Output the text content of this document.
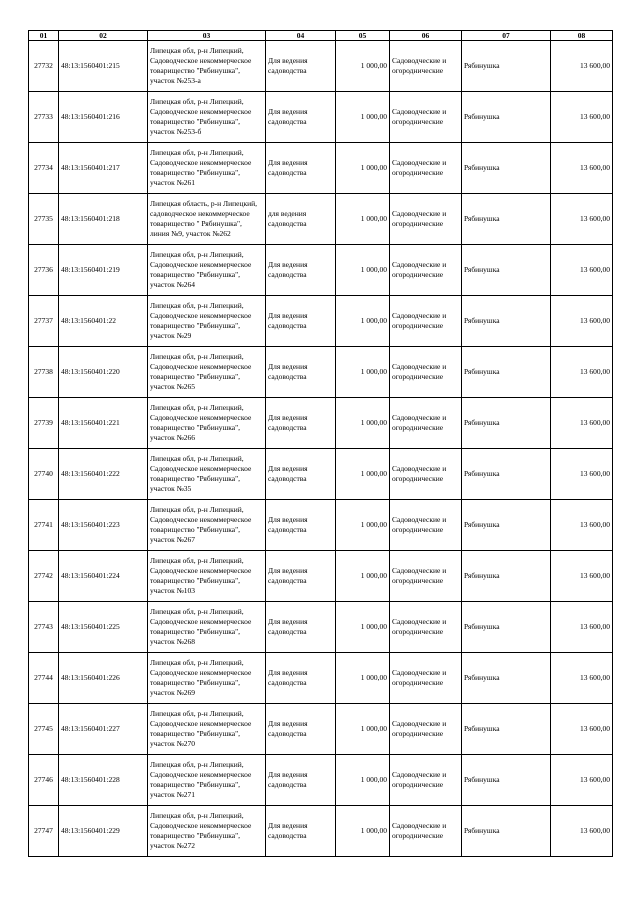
01	02	03	04	05	06	07	08
27732	48:13:1560401:215	Липецкая обл, р-н Липецкий, Садоводческое некоммерческое товарищество "Рябинушка", участок №253-а	Для ведения садоводства	1 000,00	Садоводческие и огороднические	Рябинушка	13 600,00
27733	48:13:1560401:216	Липецкая обл, р-н Липецкий, Садоводческое некоммерческое товарищество "Рябинушка", участок №253-б	Для ведения садоводства	1 000,00	Садоводческие и огороднические	Рябинушка	13 600,00
27734	48:13:1560401:217	Липецкая обл, р-н Липецкий, Садоводческое некоммерческое товарищество "Рябинушка", участок №261	Для ведения садоводства	1 000,00	Садоводческие и огороднические	Рябинушка	13 600,00
27735	48:13:1560401:218	Липецкая область, р-н Липецкий, садоводческое некоммерческое товарищество " Рябинушка", линия №9, участок №262	для ведения садоводства	1 000,00	Садоводческие и огороднические	Рябинушка	13 600,00
27736	48:13:1560401:219	Липецкая обл, р-н Липецкий, Садоводческое некоммерческое товарищество "Рябинушка", участок №264	Для ведения садоводства	1 000,00	Садоводческие и огороднические	Рябинушка	13 600,00
27737	48:13:1560401:22	Липецкая обл, р-н Липецкий, Садоводческое некоммерческое товарищество "Рябинушка", участок №29	Для ведения садоводства	1 000,00	Садоводческие и огороднические	Рябинушка	13 600,00
27738	48:13:1560401:220	Липецкая обл, р-н Липецкий, Садоводческое некоммерческое товарищество "Рябинушка", участок №265	Для ведения садоводства	1 000,00	Садоводческие и огороднические	Рябинушка	13 600,00
27739	48:13:1560401:221	Липецкая обл, р-н Липецкий, Садоводческое некоммерческое товарищество "Рябинушка", участок №266	Для ведения садоводства	1 000,00	Садоводческие и огороднические	Рябинушка	13 600,00
27740	48:13:1560401:222	Липецкая обл, р-н Липецкий, Садоводческое некоммерческое товарищество "Рябинушка", участок №35	Для ведения садоводства	1 000,00	Садоводческие и огороднические	Рябинушка	13 600,00
27741	48:13:1560401:223	Липецкая обл, р-н Липецкий, Садоводческое некоммерческое товарищество "Рябинушка", участок №267	Для ведения садоводства	1 000,00	Садоводческие и огороднические	Рябинушка	13 600,00
27742	48:13:1560401:224	Липецкая обл, р-н Липецкий, Садоводческое некоммерческое товарищество "Рябинушка", участок №103	Для ведения садоводства	1 000,00	Садоводческие и огороднические	Рябинушка	13 600,00
27743	48:13:1560401:225	Липецкая обл, р-н Липецкий, Садоводческое некоммерческое товарищество "Рябинушка", участок №268	Для ведения садоводства	1 000,00	Садоводческие и огороднические	Рябинушка	13 600,00
27744	48:13:1560401:226	Липецкая обл, р-н Липецкий, Садоводческое некоммерческое товарищество "Рябинушка", участок №269	Для ведения садоводства	1 000,00	Садоводческие и огороднические	Рябинушка	13 600,00
27745	48:13:1560401:227	Липецкая обл, р-н Липецкий, Садоводческое некоммерческое товарищество "Рябинушка", участок №270	Для ведения садоводства	1 000,00	Садоводческие и огороднические	Рябинушка	13 600,00
27746	48:13:1560401:228	Липецкая обл, р-н Липецкий, Садоводческое некоммерческое товарищество "Рябинушка", участок №271	Для ведения садоводства	1 000,00	Садоводческие и огороднические	Рябинушка	13 600,00
27747	48:13:1560401:229	Липецкая обл, р-н Липецкий, Садоводческое некоммерческое товарищество "Рябинушка", участок №272	Для ведения садоводства	1 000,00	Садоводческие и огороднические	Рябинушка	13 600,00
